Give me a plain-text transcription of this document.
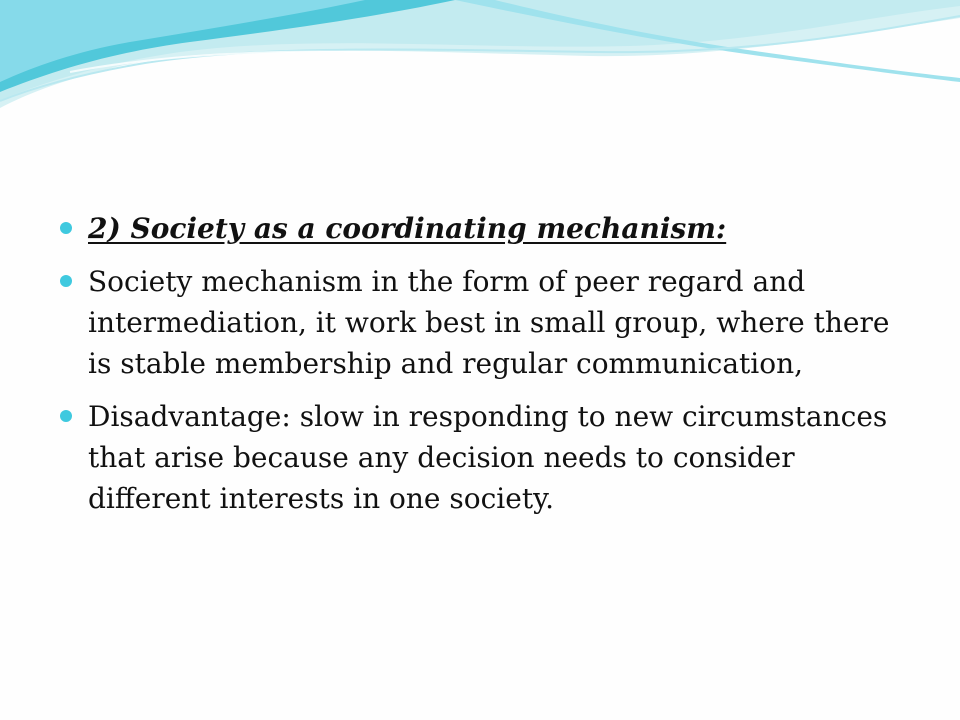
2) Society as a coordinating mechanism:
Society mechanism in the form of peer regard and intermediation, it work best in small group, where there is stable membership and regular communication,
Disadvantage: slow in responding to new circumstances that arise because any decision needs to consider different interests in one society.
